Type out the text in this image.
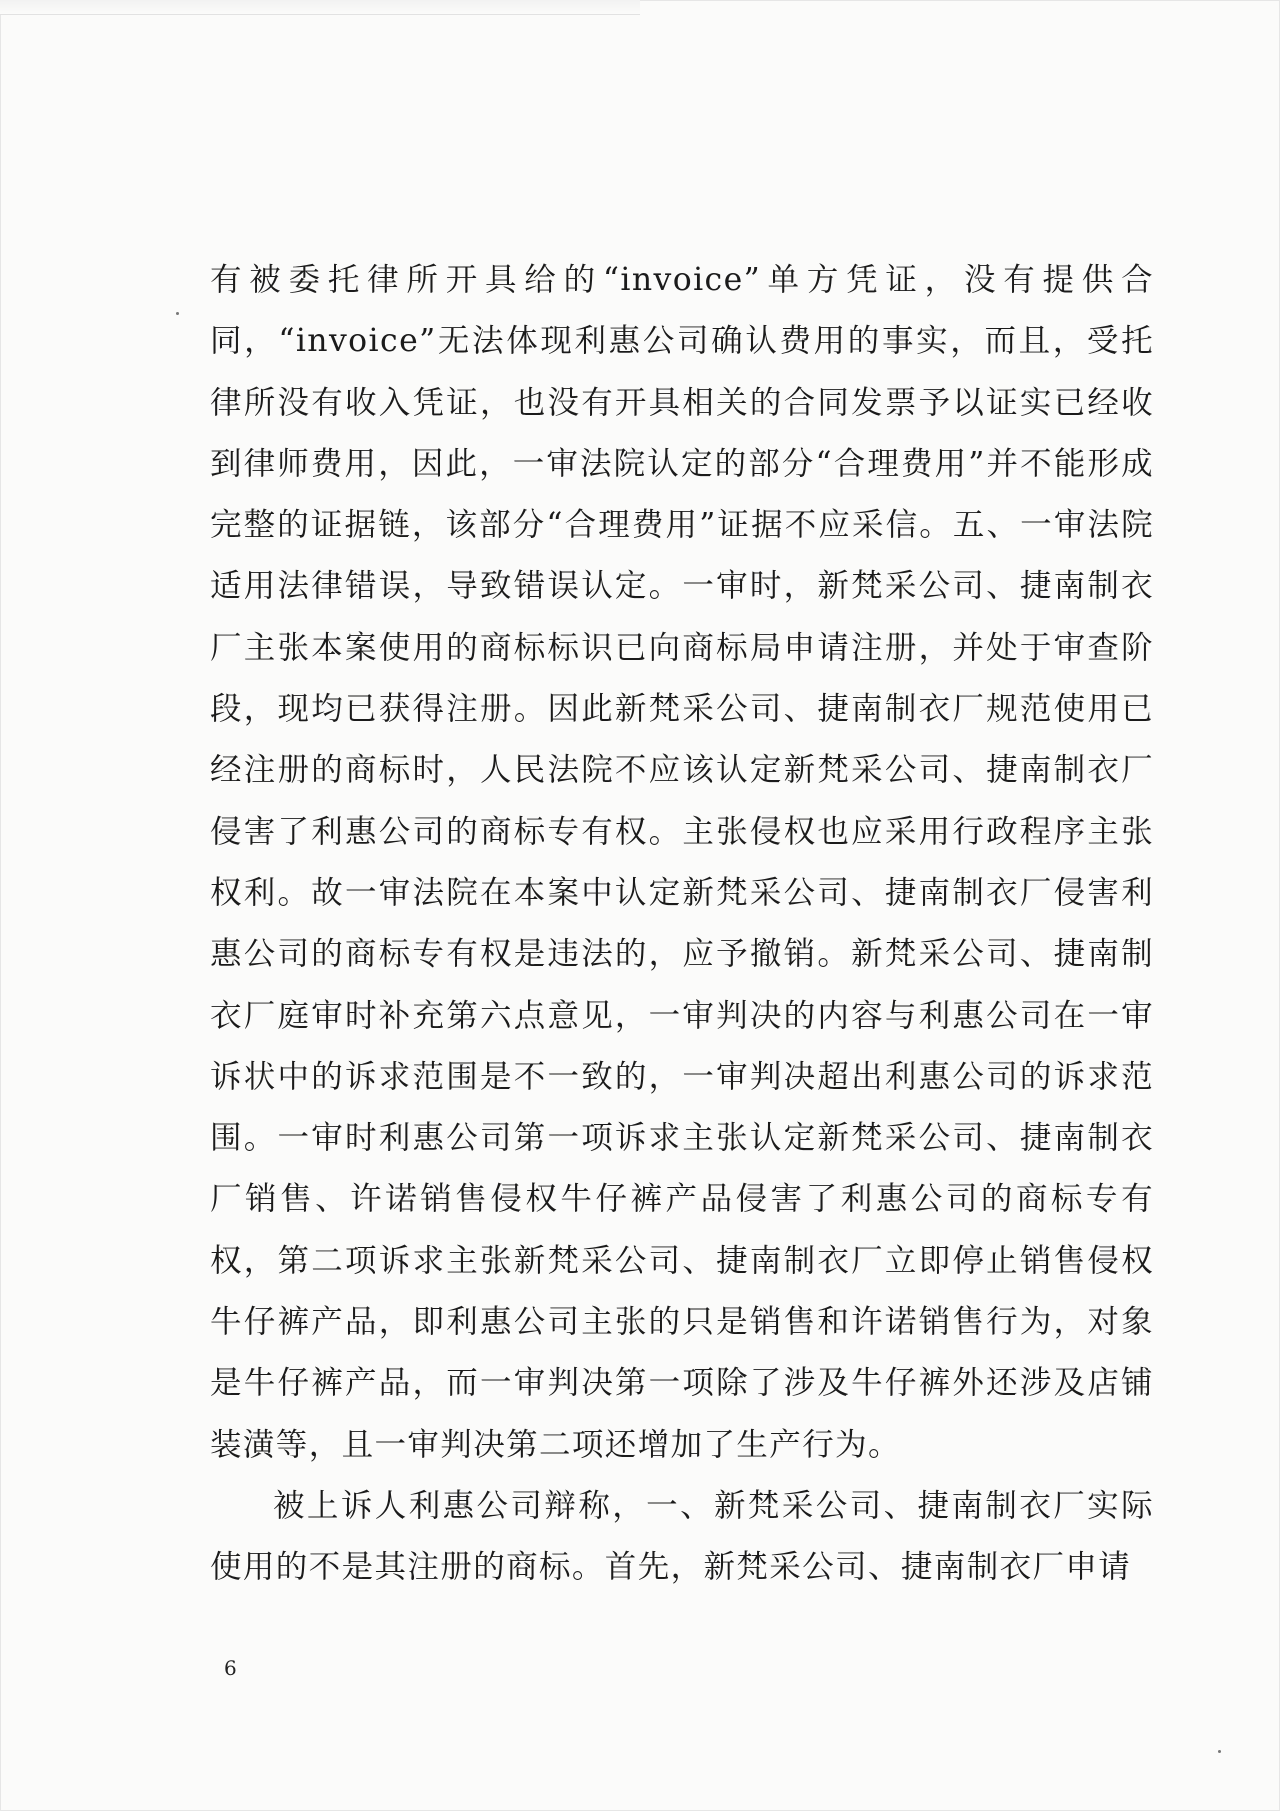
有被委托律所开具给的“invoice”单方凭证，没有提供合同，“invoice”无法体现利惠公司确认费用的事实，而且，受托律所没有收入凭证，也没有开具相关的合同发票予以证实已经收到律师费用，因此，一审法院认定的部分“合理费用”并不能形成完整的证据链，该部分“合理费用”证据不应采信。五、一审法院适用法律错误，导致错误认定。一审时，新梵采公司、捷南制衣厂主张本案使用的商标标识已向商标局申请注册，并处于审查阶段，现均已获得注册。因此新梵采公司、捷南制衣厂规范使用已经注册的商标时，人民法院不应该认定新梵采公司、捷南制衣厂侵害了利惠公司的商标专有权。主张侵权也应采用行政程序主张权利。故一审法院在本案中认定新梵采公司、捷南制衣厂侵害利惠公司的商标专有权是违法的，应予撤销。新梵采公司、捷南制衣厂庭审时补充第六点意见，一审判决的内容与利惠公司在一审诉状中的诉求范围是不一致的，一审判决超出利惠公司的诉求范围。一审时利惠公司第一项诉求主张认定新梵采公司、捷南制衣厂销售、许诺销售侵权牛仔裤产品侵害了利惠公司的商标专有权，第二项诉求主张新梵采公司、捷南制衣厂立即停止销售侵权牛仔裤产品，即利惠公司主张的只是销售和许诺销售行为，对象是牛仔裤产品，而一审判决第一项除了涉及牛仔裤外还涉及店铺装潢等，且一审判决第二项还增加了生产行为。

被上诉人利惠公司辩称，一、新梵采公司、捷南制衣厂实际使用的不是其注册的商标。首先，新梵采公司、捷南制衣厂申请

6
